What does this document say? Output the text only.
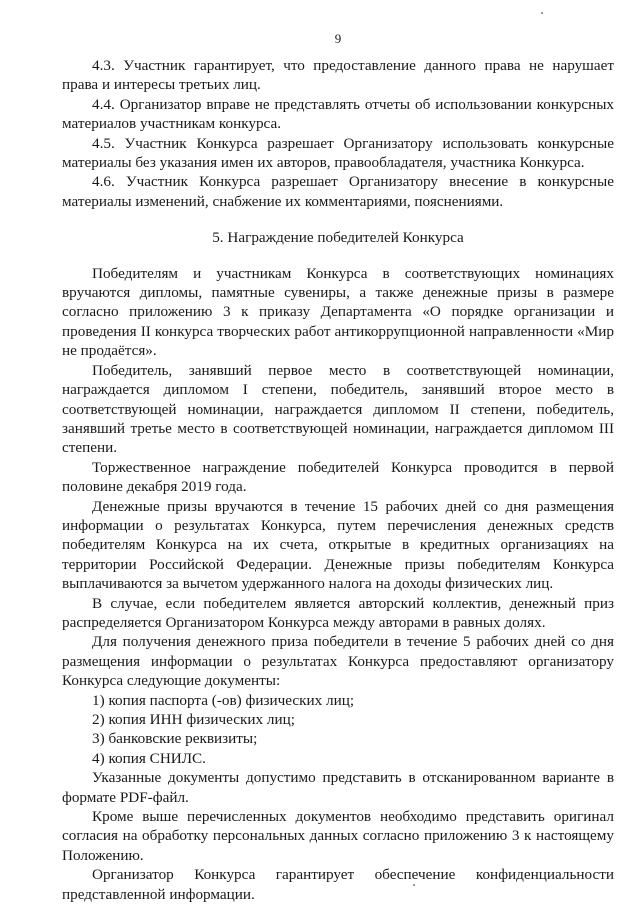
9

4.3. Участник гарантирует, что предоставление данного права не нарушает права и интересы третьих лиц.

4.4. Организатор вправе не представлять отчеты об использовании конкурсных материалов участникам конкурса.

4.5. Участник Конкурса разрешает Организатору использовать конкурсные материалы без указания имен их авторов, правообладателя, участника Конкурса.

4.6. Участник Конкурса разрешает Организатору внесение в конкурсные материалы изменений, снабжение их комментариями, пояснениями.

5. Награждение победителей Конкурса

Победителям и участникам Конкурса в соответствующих номинациях вручаются дипломы, памятные сувениры, а также денежные призы в размере согласно приложению 3 к приказу Департамента «О порядке организации и проведения II конкурса творческих работ антикоррупционной направленности «Мир не продаётся».

Победитель, занявший первое место в соответствующей номинации, награждается дипломом I степени, победитель, занявший второе место в соответствующей номинации, награждается дипломом II степени, победитель, занявший третье место в соответствующей номинации, награждается дипломом III степени.

Торжественное награждение победителей Конкурса проводится в первой половине декабря 2019 года.

Денежные призы вручаются в течение 15 рабочих дней со дня размещения информации о результатах Конкурса, путем перечисления денежных средств победителям Конкурса на их счета, открытые в кредитных организациях на территории Российской Федерации. Денежные призы победителям Конкурса выплачиваются за вычетом удержанного налога на доходы физических лиц.

В случае, если победителем является авторский коллектив, денежный приз распределяется Организатором Конкурса между авторами в равных долях.

Для получения денежного приза победители в течение 5 рабочих дней со дня размещения информации о результатах Конкурса предоставляют организатору Конкурса следующие документы:

1) копия паспорта (-ов) физических лиц;

2) копия ИНН физических лиц;

3) банковские реквизиты;

4) копия СНИЛС.

Указанные документы допустимо представить в отсканированном варианте в формате PDF-файл.

Кроме выше перечисленных документов необходимо представить оригинал согласия на обработку персональных данных согласно приложению 3 к настоящему Положению.

Организатор Конкурса гарантирует обеспечение конфиденциальности представленной информации.
